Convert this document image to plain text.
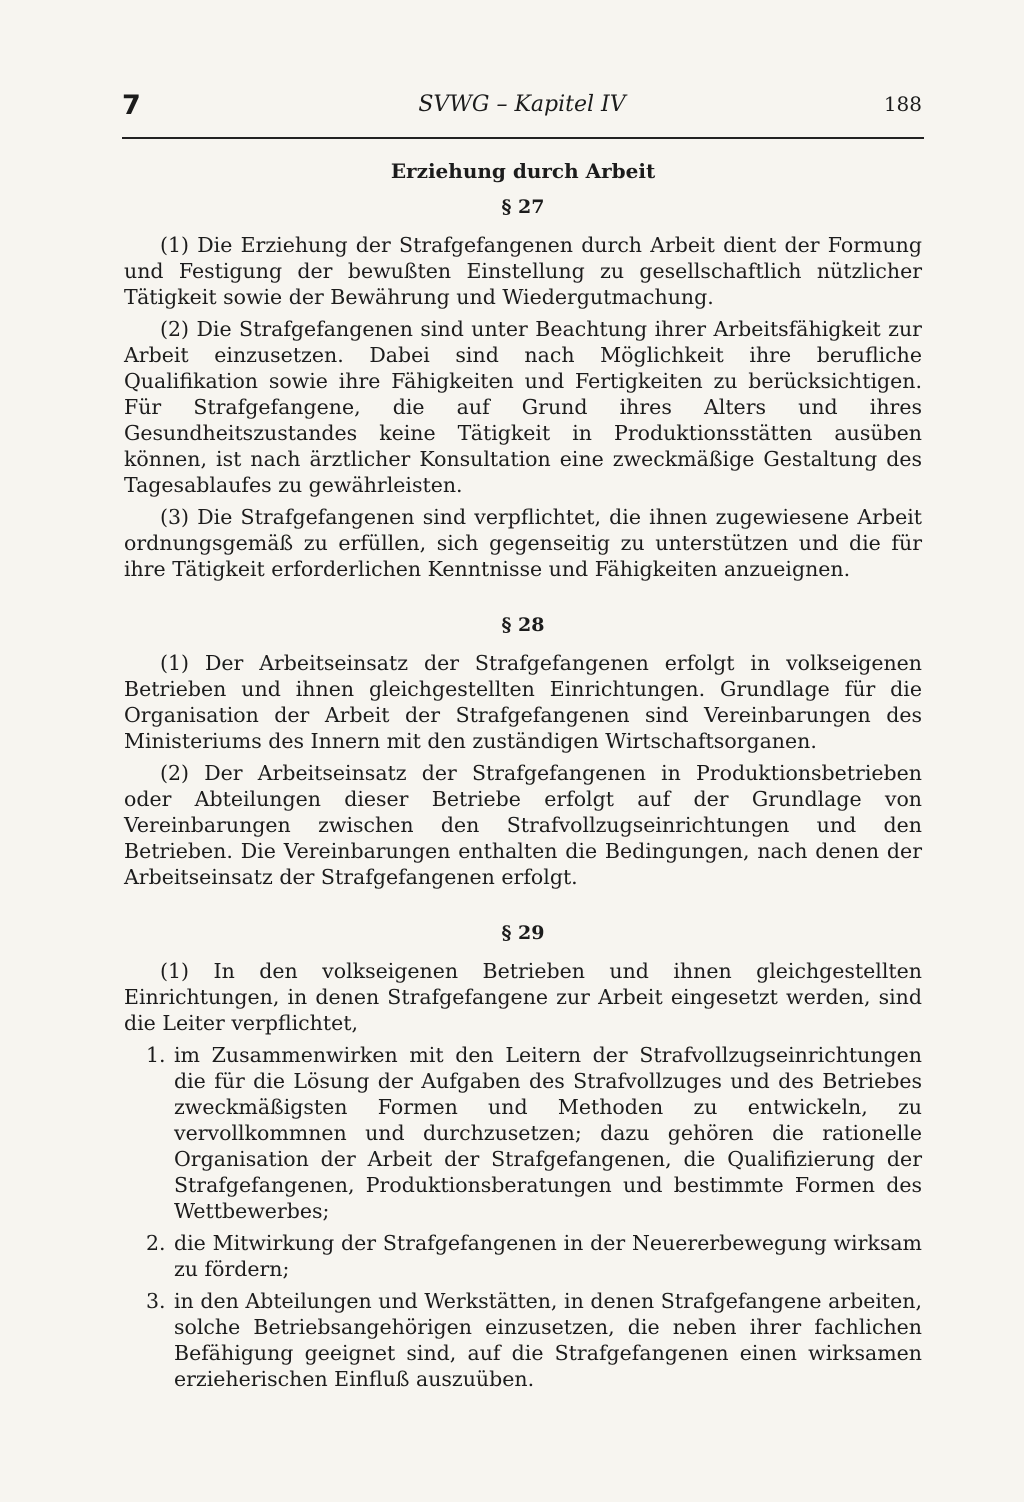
7	SVWG – Kapitel IV	188
Erziehung durch Arbeit
§ 27

(1) Die Erziehung der Strafgefangenen durch Arbeit dient der Formung und Festigung der bewußten Einstellung zu gesellschaftlich nützlicher Tätigkeit sowie der Bewährung und Wiedergutmachung.

(2) Die Strafgefangenen sind unter Beachtung ihrer Arbeitsfähigkeit zur Arbeit einzusetzen. Dabei sind nach Möglichkeit ihre berufliche Qualifikation sowie ihre Fähigkeiten und Fertigkeiten zu berücksichtigen. Für Strafgefangene, die auf Grund ihres Alters und ihres Gesundheitszustandes keine Tätigkeit in Produktionsstätten ausüben können, ist nach ärztlicher Konsultation eine zweckmäßige Gestaltung des Tagesablaufes zu gewährleisten.

(3) Die Strafgefangenen sind verpflichtet, die ihnen zugewiesene Arbeit ordnungsgemäß zu erfüllen, sich gegenseitig zu unterstützen und die für ihre Tätigkeit erforderlichen Kenntnisse und Fähigkeiten anzueignen.

§ 28

(1) Der Arbeitseinsatz der Strafgefangenen erfolgt in volkseigenen Betrieben und ihnen gleichgestellten Einrichtungen. Grundlage für die Organisation der Arbeit der Strafgefangenen sind Vereinbarungen des Ministeriums des Innern mit den zuständigen Wirtschaftsorganen.

(2) Der Arbeitseinsatz der Strafgefangenen in Produktionsbetrieben oder Abteilungen dieser Betriebe erfolgt auf der Grundlage von Vereinbarungen zwischen den Strafvollzugseinrichtungen und den Betrieben. Die Vereinbarungen enthalten die Bedingungen, nach denen der Arbeitseinsatz der Strafgefangenen erfolgt.

§ 29

(1) In den volkseigenen Betrieben und ihnen gleichgestellten Einrichtungen, in denen Strafgefangene zur Arbeit eingesetzt werden, sind die Leiter verpflichtet,

1. im Zusammenwirken mit den Leitern der Strafvollzugseinrichtungen die für die Lösung der Aufgaben des Strafvollzuges und des Betriebes zweckmäßigsten Formen und Methoden zu entwickeln, zu vervollkommnen und durchzusetzen; dazu gehören die rationelle Organisation der Arbeit der Strafgefangenen, die Qualifizierung der Strafgefangenen, Produktionsberatungen und bestimmte Formen des Wettbewerbes;
2. die Mitwirkung der Strafgefangenen in der Neuererbewegung wirksam zu fördern;
3. in den Abteilungen und Werkstätten, in denen Strafgefangene arbeiten, solche Betriebsangehörigen einzusetzen, die neben ihrer fachlichen Befähigung geeignet sind, auf die Strafgefangenen einen wirksamen erzieherischen Einfluß auszuüben.
